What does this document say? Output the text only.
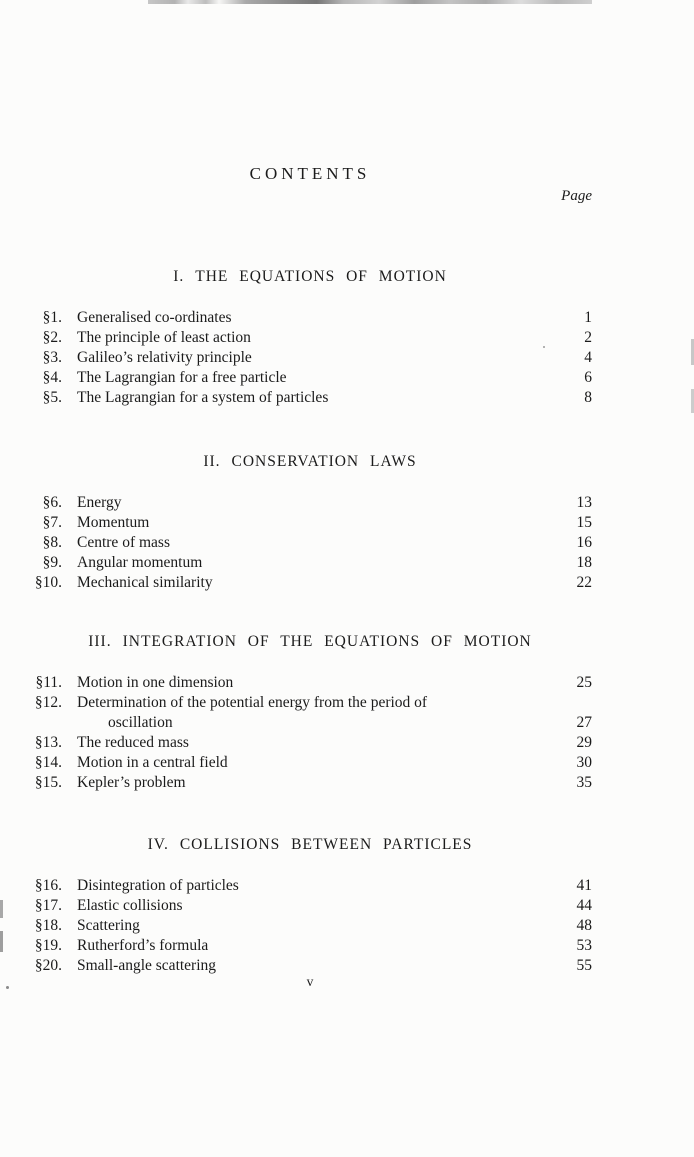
CONTENTS
Page
I. THE EQUATIONS OF MOTION
§1. Generalised co-ordinates	1
§2. The principle of least action	2
§3. Galileo’s relativity principle	4
§4. The Lagrangian for a free particle	6
§5. The Lagrangian for a system of particles	8
II. CONSERVATION LAWS
§6. Energy	13
§7. Momentum	15
§8. Centre of mass	16
§9. Angular momentum	18
§10. Mechanical similarity	22
III. INTEGRATION OF THE EQUATIONS OF MOTION
§11. Motion in one dimension	25
§12. Determination of the potential energy from the period of
oscillation	27
§13. The reduced mass	29
§14. Motion in a central field	30
§15. Kepler’s problem	35
IV. COLLISIONS BETWEEN PARTICLES
§16. Disintegration of particles	41
§17. Elastic collisions	44
§18. Scattering	48
§19. Rutherford’s formula	53
§20. Small-angle scattering	55
v
